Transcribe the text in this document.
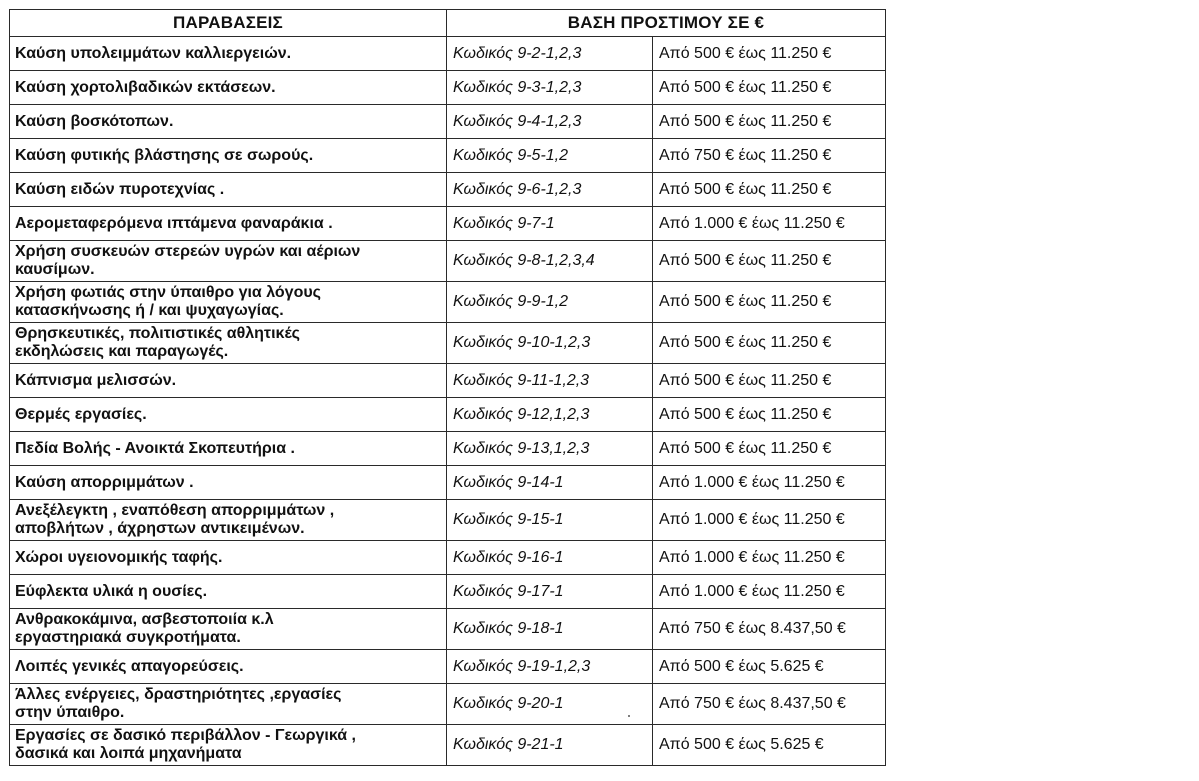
ΠΑΡΑΒΑΣΕΙΣ	ΒΑΣΗ ΠΡΟΣΤΙΜΟΥ ΣΕ €	
Καύση υπολειμμάτων καλλιεργειών.	Κωδικός 9-2-1,2,3	Από 500 € έως 11.250 €
Καύση χορτολιβαδικών εκτάσεων.	Κωδικός 9-3-1,2,3	Από 500 € έως 11.250 €
Καύση βοσκότοπων.	Κωδικός 9-4-1,2,3	Από 500 € έως 11.250 €
Καύση φυτικής βλάστησης σε σωρούς.	Κωδικός 9-5-1,2	Από 750 € έως 11.250 €
Καύση ειδών πυροτεχνίας .	Κωδικός 9-6-1,2,3	Από 500 € έως 11.250 €
Αερομεταφερόμενα ιπτάμενα φαναράκια .	Κωδικός 9-7-1	Από 1.000 € έως 11.250 €
Χρήση συσκευών στερεών υγρών και αέριων
καυσίμων.	Κωδικός 9-8-1,2,3,4	Από 500 € έως 11.250 €
Χρήση φωτιάς στην ύπαιθρο για λόγους
κατασκήνωσης ή / και ψυχαγωγίας.	Κωδικός 9-9-1,2	Από 500 € έως 11.250 €
Θρησκευτικές, πολιτιστικές αθλητικές
εκδηλώσεις και παραγωγές.	Κωδικός 9-10-1,2,3	Από 500 € έως 11.250 €
Κάπνισμα μελισσών.	Κωδικός 9-11-1,2,3	Από 500 € έως 11.250 €
Θερμές εργασίες.	Κωδικός 9-12,1,2,3	Από 500 € έως 11.250 €
Πεδία Βολής - Ανοικτά Σκοπευτήρια .	Κωδικός 9-13,1,2,3	Από 500 € έως 11.250 €
Καύση απορριμμάτων .	Κωδικός 9-14-1	Από 1.000 € έως 11.250 €
Ανεξέλεγκτη , εναπόθεση απορριμμάτων ,
αποβλήτων , άχρηστων αντικειμένων.	Κωδικός 9-15-1	Από 1.000 € έως 11.250 €
Χώροι υγειονομικής ταφής.	Κωδικός 9-16-1	Από 1.000 € έως 11.250 €
Εύφλεκτα υλικά η ουσίες.	Κωδικός 9-17-1	Από 1.000 € έως 11.250 €
Ανθρακοκάμινα, ασβεστοποιία κ.λ
εργαστηριακά συγκροτήματα.	Κωδικός 9-18-1	Από 750 € έως 8.437,50 €
Λοιπές γενικές απαγορεύσεις.	Κωδικός 9-19-1,2,3	Από 500 € έως 5.625 €
Άλλες ενέργειες, δραστηριότητες ,εργασίες
στην ύπαιθρο.	Κωδικός 9-20-1	Από 750 € έως 8.437,50 €
Εργασίες σε δασικό περιβάλλον - Γεωργικά ,
δασικά και λοιπά μηχανήματα	Κωδικός 9-21-1	Από 500 € έως 5.625 €
